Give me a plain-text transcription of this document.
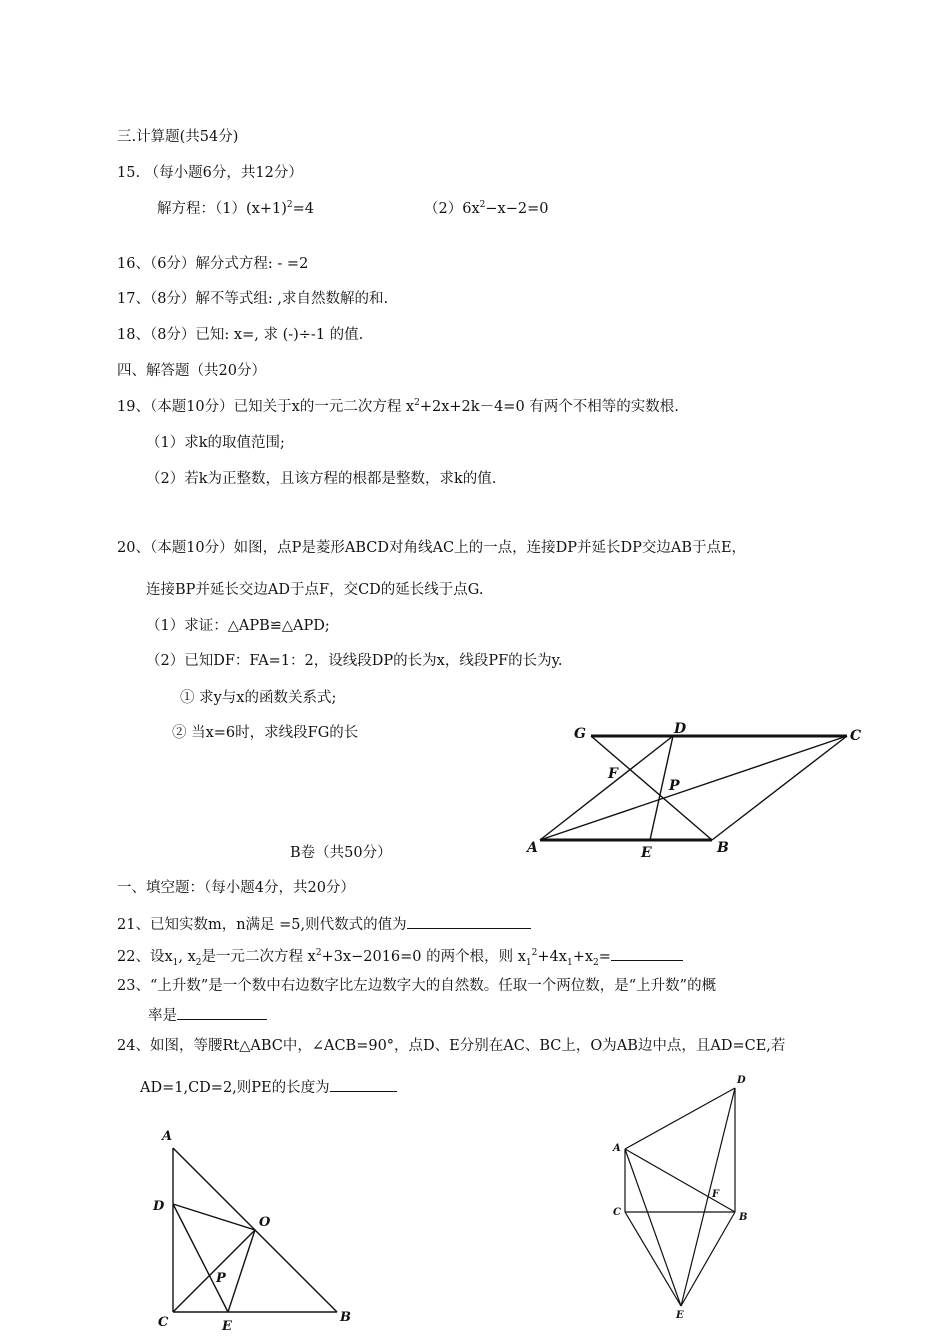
三.计算题(共54分)
15. （每小题6分，共12分）
解方程：$(1)(x+1)^2=4$	$(2)6x^2-x-2=0$
16、（6分）解分式方程: - =2
17、（8分）解不等式组: ,求自然数解的和.
18、（8分）已知: x=, 求 (-)÷-1 的值.
四、解答题（共20分）
19、（本题10分）已知关于x的一元二次方程 $x^2+2x+2k-4=0$ 有两个不相等的实数根.
（1）求k的取值范围;
（2）若k为正整数，且该方程的根都是整数，求k的值.
20、（本题10分）如图，点P是菱形ABCD对角线AC上的一点，连接DP并延长DP交边AB于点E，
连接BP并延长交边AD于点F，交CD的延长线于点G.
（1）求证：△APB≌△APD;
（2）已知DF：FA=1：2，设线段DP的长为x，线段PF的长为y.
① 求y与x的函数关系式;
② 当x=6时，求线段FG的长	G	D	C
F
P
A	E	B
B卷（共50分）
一、填空题：（每小题4分，共20分）
21、已知实数m，n满足 =5,则代数式的值为
22、设$x_1$, $x_2$是一元二次方程 $x^2+3x-2016=0$ 的两个根，则 $x_1^2+4x_1+x_2=$
23、“上升数”是一个数中右边数字比左边数字大的自然数。任取一个两位数，是“上升数”的概
率是
24、如图，等腰Rt△ABC中，∠ACB=90°，点D、E分别在AC、BC上，O为AB边中点，且AD=CE,若
AD=1,CD=2,则PE的长度为
A
D
O
P
C	E
B
D
A
F
C	B
E
